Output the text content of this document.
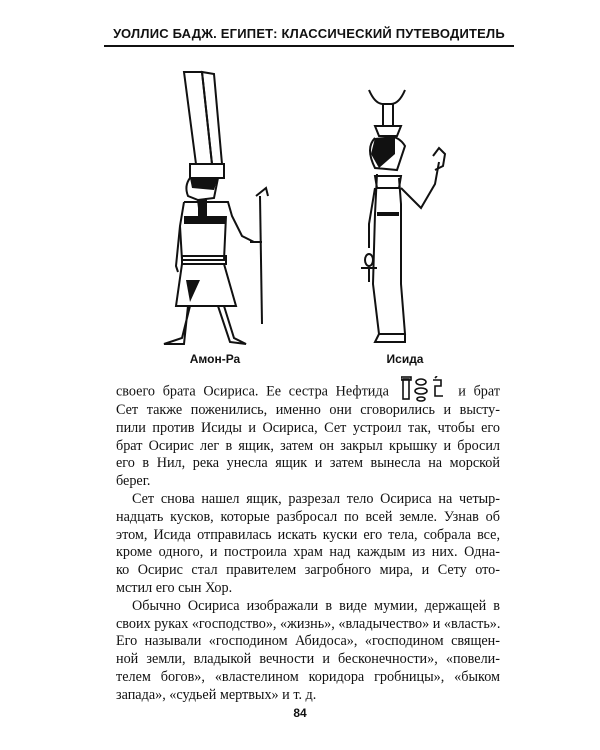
УОЛЛИС БАДЖ. ЕГИПЕТ: КЛАССИЧЕСКИЙ ПУТЕВОДИТЕЛЬ
Амон-Ра	Исида

своего брата Осириса. Ее сестра Нефтида	и брат
Сет также поженились, именно они сговорились и высту-
пили против Исиды и Осириса, Сет устроил так, чтобы его
брат Осирис лег в ящик, затем он закрыл крышку и бросил
его в Нил, река унесла ящик и затем вынесла на морской
берег.

Сет снова нашел ящик, разрезал тело Осириса на четыр-
надцать кусков, которые разбросал по всей земле. Узнав об
этом, Исида отправилась искать куски его тела, собрала все,
кроме одного, и построила храм над каждым из них. Одна-
ко Осирис стал правителем загробного мира, и Сету ото-
мстил его сын Хор.

Обычно Осириса изображали в виде мумии, держащей в
своих руках «господство», «жизнь», «владычество» и «власть».
Его называли «господином Абидоса», «господином священ-
ной земли, владыкой вечности и бесконечности», «повели-
телем богов», «властелином коридора гробницы», «быком
запада», «судьей мертвых» и т. д.

84
